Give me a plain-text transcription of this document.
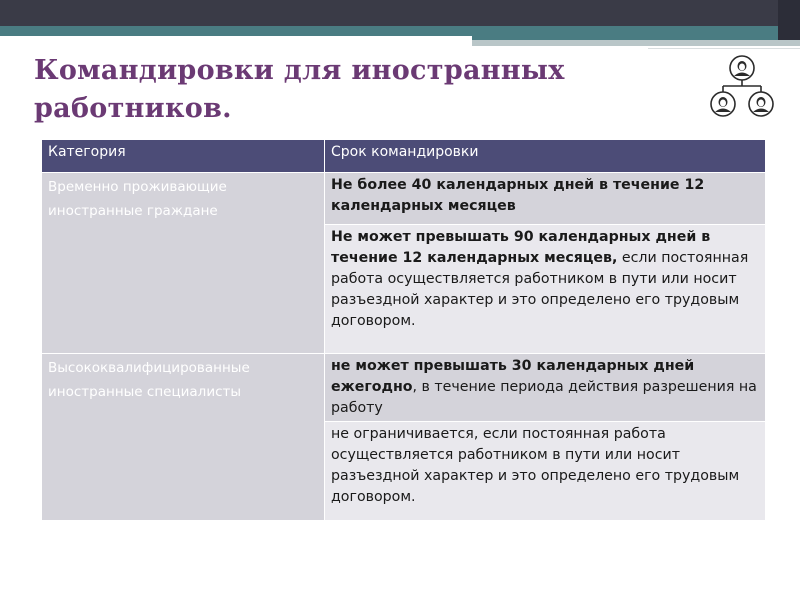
Командировки для иностранных
работников.
Категория	Срок командировки
Временно проживающие иностранные граждане	Не более 40 календарных дней в течение 12 календарных месяцев
	Не может превышать 90 календарных дней в течение 12 календарных месяцев, если постоянная работа осуществляется работником в пути или носит разъездной характер и это определено его трудовым договором.
Высококвалифицированные иностранные специалисты	не может превышать 30 календарных дней ежегодно, в течение периода действия разрешения на работу
	не ограничивается, если постоянная работа осуществляется работником в пути или носит разъездной характер и это определено его трудовым договором.
